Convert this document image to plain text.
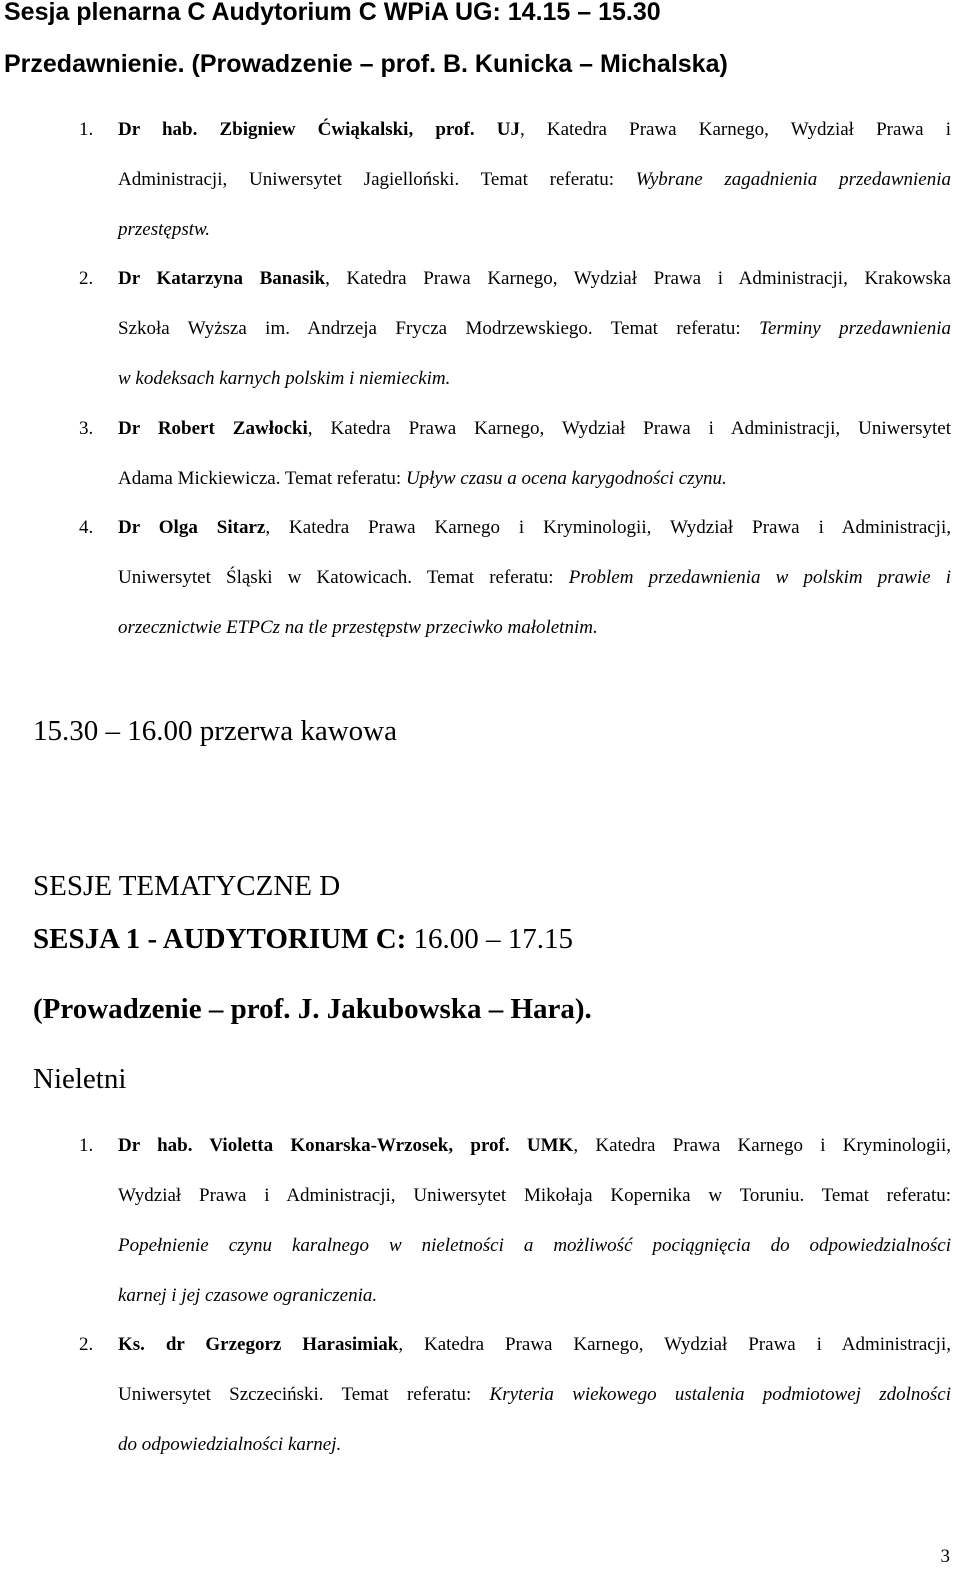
Sesja plenarna C Audytorium C WPiA UG: 14.15 – 15.30
Przedawnienie. (Prowadzenie – prof. B. Kunicka – Michalska)
1. Dr hab. Zbigniew Ćwiąkalski, prof. UJ, Katedra Prawa Karnego, Wydział Prawa i
Administracji, Uniwersytet Jagielloński. Temat referatu: Wybrane zagadnienia przedawnienia
przestępstw.
2. Dr Katarzyna Banasik, Katedra Prawa Karnego, Wydział Prawa i Administracji, Krakowska
Szkoła Wyższa im. Andrzeja Frycza Modrzewskiego. Temat referatu: Terminy przedawnienia
w kodeksach karnych polskim i niemieckim.
3. Dr Robert Zawłocki, Katedra Prawa Karnego, Wydział Prawa i Administracji, Uniwersytet
Adama Mickiewicza. Temat referatu: Upływ czasu a ocena karygodności czynu.
4. Dr Olga Sitarz, Katedra Prawa Karnego i Kryminologii, Wydział Prawa i Administracji,
Uniwersytet Śląski w Katowicach. Temat referatu: Problem przedawnienia w polskim prawie i
orzecznictwie ETPCz na tle przestępstw przeciwko małoletnim.
15.30 – 16.00 przerwa kawowa
SESJE TEMATYCZNE D
SESJA 1 - AUDYTORIUM C: 16.00 – 17.15
(Prowadzenie – prof. J. Jakubowska – Hara).
Nieletni
1. Dr hab. Violetta Konarska-Wrzosek, prof. UMK, Katedra Prawa Karnego i Kryminologii,
Wydział Prawa i Administracji, Uniwersytet Mikołaja Kopernika w Toruniu. Temat referatu:
Popełnienie czynu karalnego w nieletności a możliwość pociągnięcia do odpowiedzialności
karnej i jej czasowe ograniczenia.
2. Ks. dr Grzegorz Harasimiak, Katedra Prawa Karnego, Wydział Prawa i Administracji,
Uniwersytet Szczeciński. Temat referatu: Kryteria wiekowego ustalenia podmiotowej zdolności
do odpowiedzialności karnej.
3
